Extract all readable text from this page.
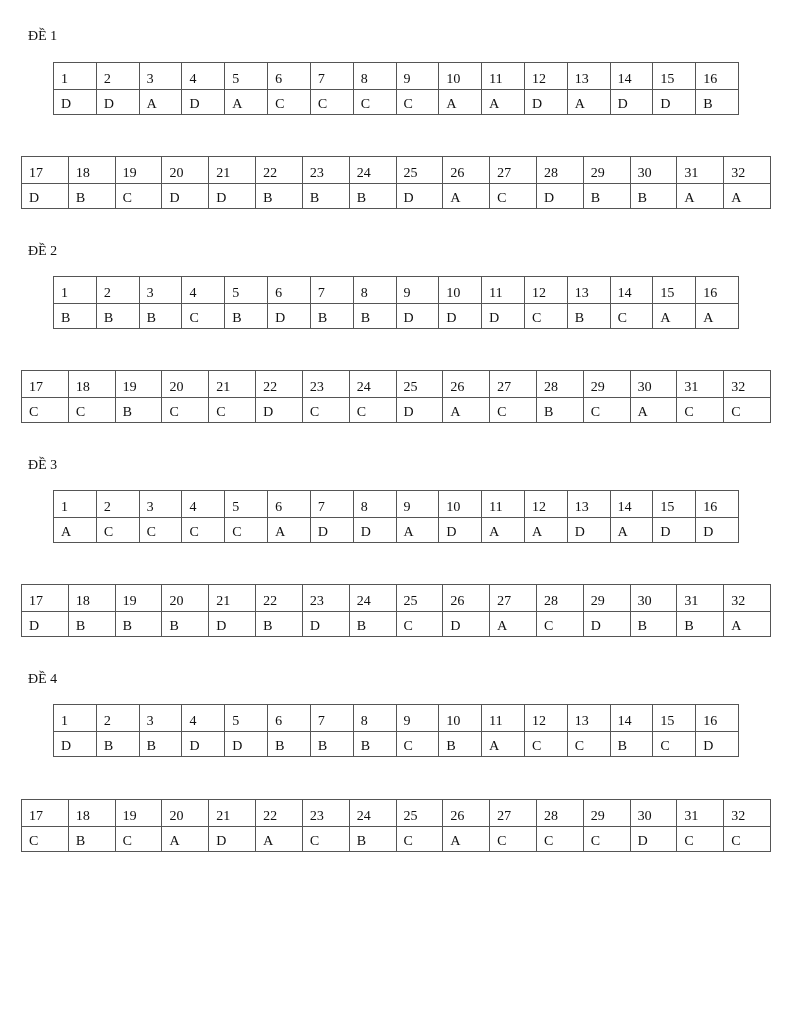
ĐỀ 1
1	2	3	4	5	6	7	8	9	10	11	12	13	14	15	16
D	D	A	D	A	C	C	C	C	A	A	D	A	D	D	B
17	18	19	20	21	22	23	24	25	26	27	28	29	30	31	32
D	B	C	D	D	B	B	B	D	A	C	D	B	B	A	A
ĐỀ 2
1	2	3	4	5	6	7	8	9	10	11	12	13	14	15	16
B	B	B	C	B	D	B	B	D	D	D	C	B	C	A	A
17	18	19	20	21	22	23	24	25	26	27	28	29	30	31	32
C	C	B	C	C	D	C	C	D	A	C	B	C	A	C	C
ĐỀ 3
1	2	3	4	5	6	7	8	9	10	11	12	13	14	15	16
A	C	C	C	C	A	D	D	A	D	A	A	D	A	D	D
17	18	19	20	21	22	23	24	25	26	27	28	29	30	31	32
D	B	B	B	D	B	D	B	C	D	A	C	D	B	B	A
ĐỀ 4
1	2	3	4	5	6	7	8	9	10	11	12	13	14	15	16
D	B	B	D	D	B	B	B	C	B	A	C	C	B	C	D
17	18	19	20	21	22	23	24	25	26	27	28	29	30	31	32
C	B	C	A	D	A	C	B	C	A	C	C	C	D	C	C
